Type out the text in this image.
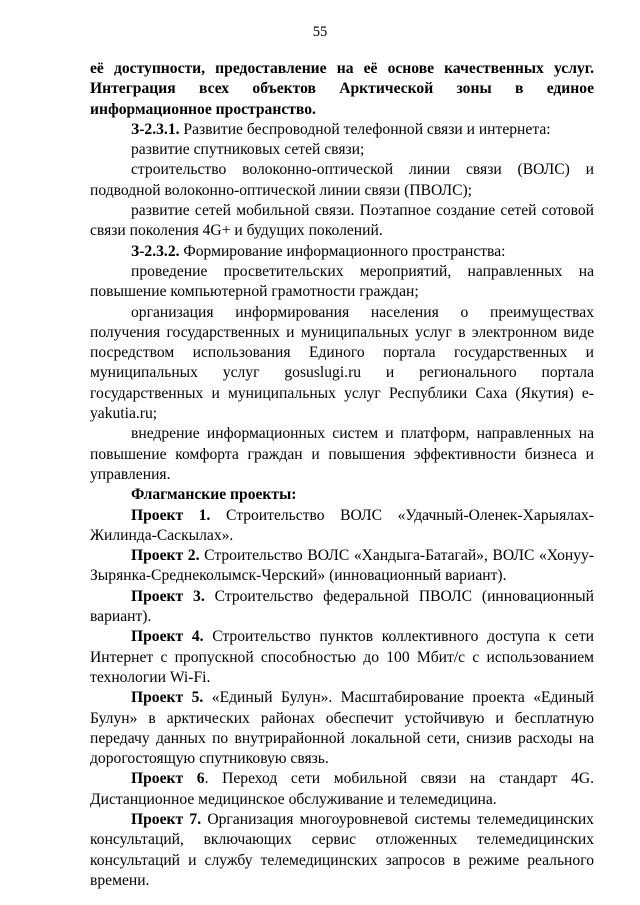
55

её доступности, предоставление на её основе качественных услуг. Интеграция всех объектов Арктической зоны в единое информационное пространство.

З-2.3.1. Развитие беспроводной телефонной связи и интернета:

развитие спутниковых сетей связи;

строительство волоконно-оптической линии связи (ВОЛС) и подводной волоконно-оптической линии связи (ПВОЛС);

развитие сетей мобильной связи. Поэтапное создание сетей сотовой связи поколения 4G+ и будущих поколений.

З-2.3.2. Формирование информационного пространства:

проведение просветительских мероприятий, направленных на повышение компьютерной грамотности граждан;

организация информирования населения о преимуществах получения государственных и муниципальных услуг в электронном виде посредством использования Единого портала государственных и муниципальных услуг gosuslugi.ru и регионального портала государственных и муниципальных услуг Республики Саха (Якутия) e-yakutia.ru;

внедрение информационных систем и платформ, направленных на повышение комфорта граждан и повышения эффективности бизнеса и управления.

Флагманские проекты:

Проект 1. Строительство ВОЛС «Удачный-Оленек-Харыялах-Жилинда-Саскылах».

Проект 2. Строительство ВОЛС «Хандыга-Батагай», ВОЛС «Хонуу-Зырянка-Среднеколымск-Черский» (инновационный вариант).

Проект 3. Строительство федеральной ПВОЛС (инновационный вариант).

Проект 4. Строительство пунктов коллективного доступа к сети Интернет с пропускной способностью до 100 Мбит/с с использованием технологии Wi-Fi.

Проект 5. «Единый Булун». Масштабирование проекта «Единый Булун» в арктических районах обеспечит устойчивую и бесплатную передачу данных по внутрирайонной локальной сети, снизив расходы на дорогостоящую спутниковую связь.

Проект 6. Переход сети мобильной связи на стандарт 4G. Дистанционное медицинское обслуживание и телемедицина.

Проект 7. Организация многоуровневой системы телемедицинских консультаций, включающих сервис отложенных телемедицинских консультаций и службу телемедицинских запросов в режиме реального времени.
